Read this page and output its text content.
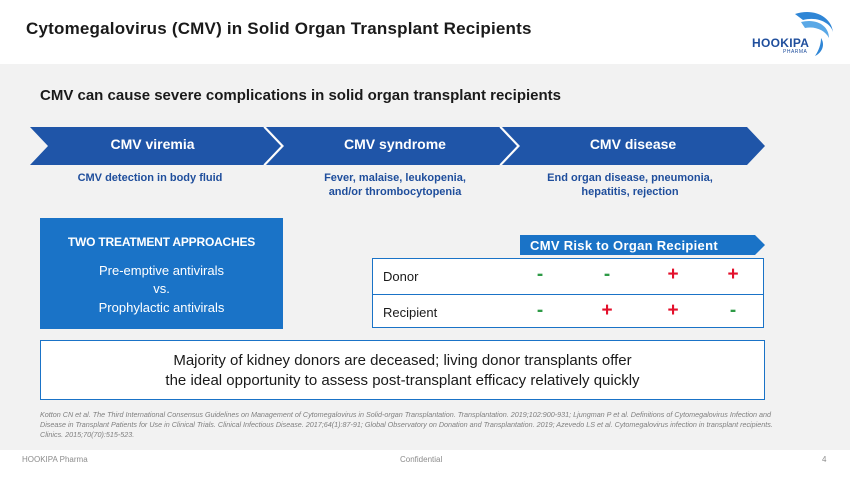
Cytomegalovirus (CMV) in Solid Organ Transplant Recipients
HOOKIPA
PHARMA
CMV can cause severe complications in solid organ transplant recipients
CMV viremia	CMV syndrome	CMV disease
CMV detection in body fluid	Fever, malaise, leukopenia,
and/or thrombocytopenia
End organ disease, pneumonia,
hepatitis, rejection
TWO TREATMENT APPROACHES
Pre-emptive antivirals
vs.
Prophylactic antivirals
CMV Risk to Organ Recipient
Donor	-	-	+	+
Recipient	-	+	+	-
Majority of kidney donors are deceased; living donor transplants offer
the ideal opportunity to assess post-transplant efficacy relatively quickly
Kotton CN et al. The Third International Consensus Guidelines on Management of Cytomegalovirus in Solid-organ Transplantation. Transplantation. 2019;102:900-931; Ljungman P et al. Definitions of Cytomegalovirus Infection and Disease in Transplant Patients for Use in Clinical Trials. Clinical Infectious Disease. 2017;64(1):87-91; Global Observatory on Donation and Transplantation. 2019; Azevedo LS et al. Cytomegalovirus infection in transplant recipients. Clinics. 2015;70(70):515-523.
HOOKIPA Pharma	Confidential	4
